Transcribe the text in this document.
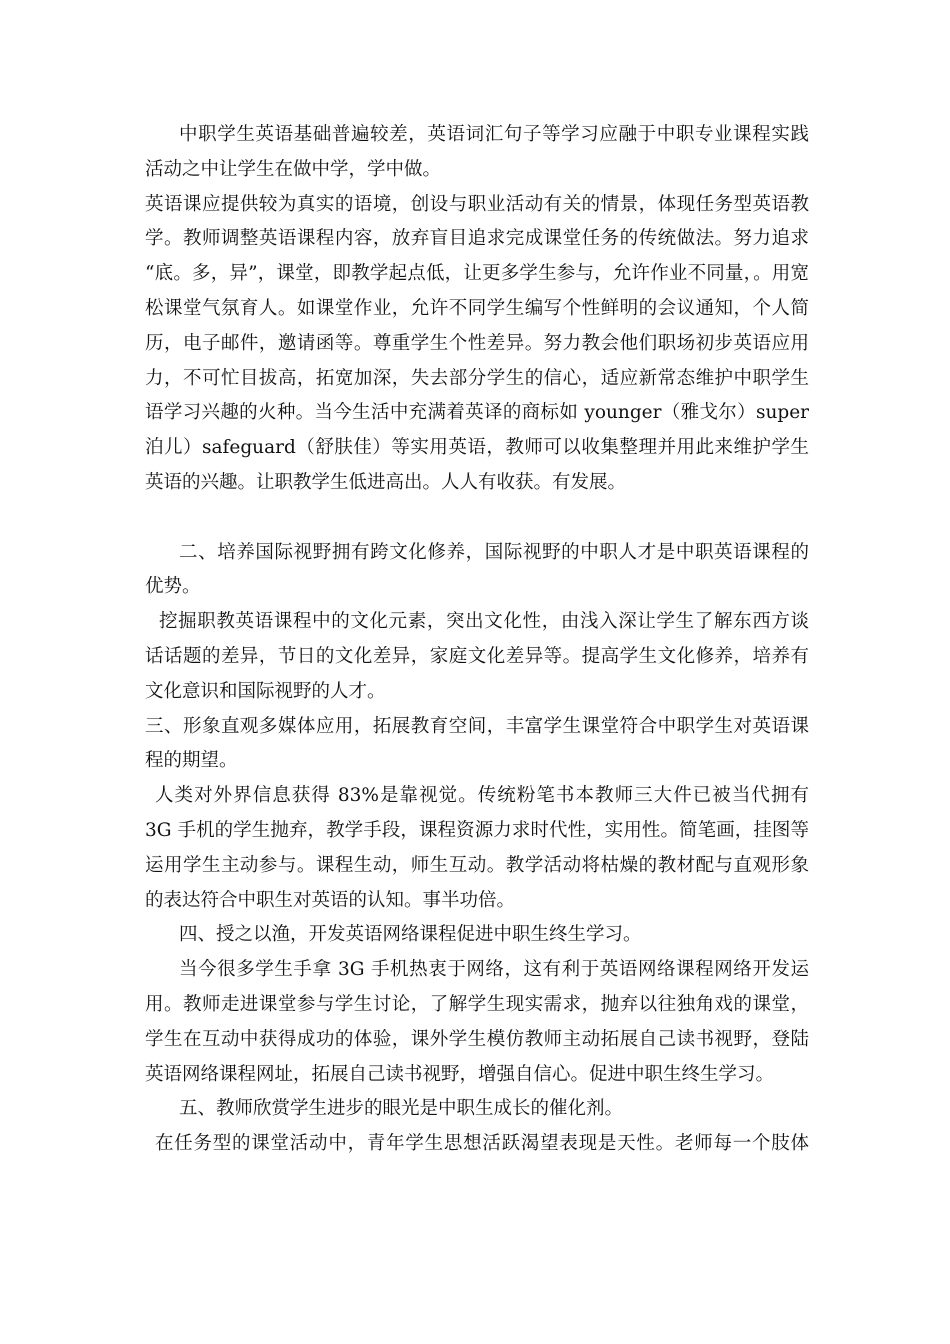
中职学生英语基础普遍较差，英语词汇句子等学习应融于中职专业课程实践
活动之中让学生在做中学，学中做。
英语课应提供较为真实的语境，创设与职业活动有关的情景，体现任务型英语教
学。教师调整英语课程内容，放弃盲目追求完成课堂任务的传统做法。努力追求
“底。多，异”，课堂，即教学起点低，让更多学生参与，允许作业不同量，。用宽
松课堂气氛育人。如课堂作业，允许不同学生编写个性鲜明的会议通知，个人简
历，电子邮件，邀请函等。尊重学生个性差异。努力教会他们职场初步英语应用
力，不可忙目拔高，拓宽加深，失去部分学生的信心，适应新常态维护中职学生
语学习兴趣的火种。当今生活中充满着英译的商标如 younger（雅戈尔）super
泊儿）safeguard（舒肤佳）等实用英语，教师可以收集整理并用此来维护学生
英语的兴趣。让职教学生低进高出。人人有收获。有发展。
二、培养国际视野拥有跨文化修养，国际视野的中职人才是中职英语课程的
优势。
挖掘职教英语课程中的文化元素，突出文化性，由浅入深让学生了解东西方谈
话话题的差异，节日的文化差异，家庭文化差异等。提高学生文化修养，培养有
文化意识和国际视野的人才。
三、形象直观多媒体应用，拓展教育空间，丰富学生课堂符合中职学生对英语课
程的期望。
人类对外界信息获得 83%是靠视觉。传统粉笔书本教师三大件已被当代拥有
3G 手机的学生抛弃，教学手段，课程资源力求时代性，实用性。简笔画，挂图等
运用学生主动参与。课程生动，师生互动。教学活动将枯燥的教材配与直观形象
的表达符合中职生对英语的认知。事半功倍。
四、授之以渔，开发英语网络课程促进中职生终生学习。
当今很多学生手拿 3G 手机热衷于网络，这有利于英语网络课程网络开发运
用。教师走进课堂参与学生讨论，了解学生现实需求，抛弃以往独角戏的课堂，
学生在互动中获得成功的体验，课外学生模仿教师主动拓展自己读书视野，登陆
英语网络课程网址，拓展自己读书视野，增强自信心。促进中职生终生学习。
五、教师欣赏学生进步的眼光是中职生成长的催化剂。
在任务型的课堂活动中，青年学生思想活跃渴望表现是天性。老师每一个肢体
